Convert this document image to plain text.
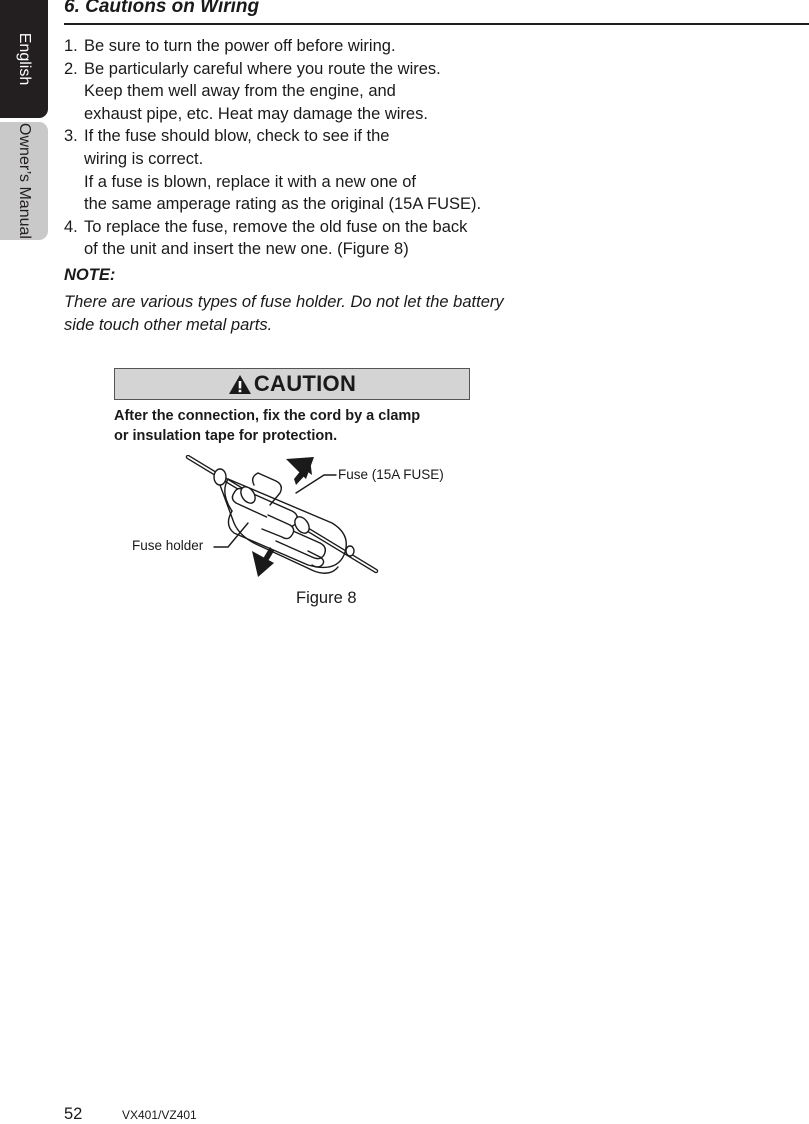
English
Owner’s Manual
6. Cautions on Wiring
1. Be sure to turn the power off before wiring.
2. Be particularly careful where you route the wires.
Keep them well away from the engine, and
exhaust pipe, etc. Heat may damage the wires.
3. If the fuse should blow, check to see if the
wiring is correct.
If a fuse is blown, replace it with a new one of
the same amperage rating as the original (15A FUSE).
4. To replace the fuse, remove the old fuse on the back
of the unit and insert the new one. (Figure 8)
NOTE:
There are various types of fuse holder. Do not let the battery
side touch other metal parts.
CAUTION
After the connection, fix the cord by a clamp
or insulation tape for protection.
Fuse (15A FUSE)
Fuse holder
Figure 8
52	VX401/VZ401
